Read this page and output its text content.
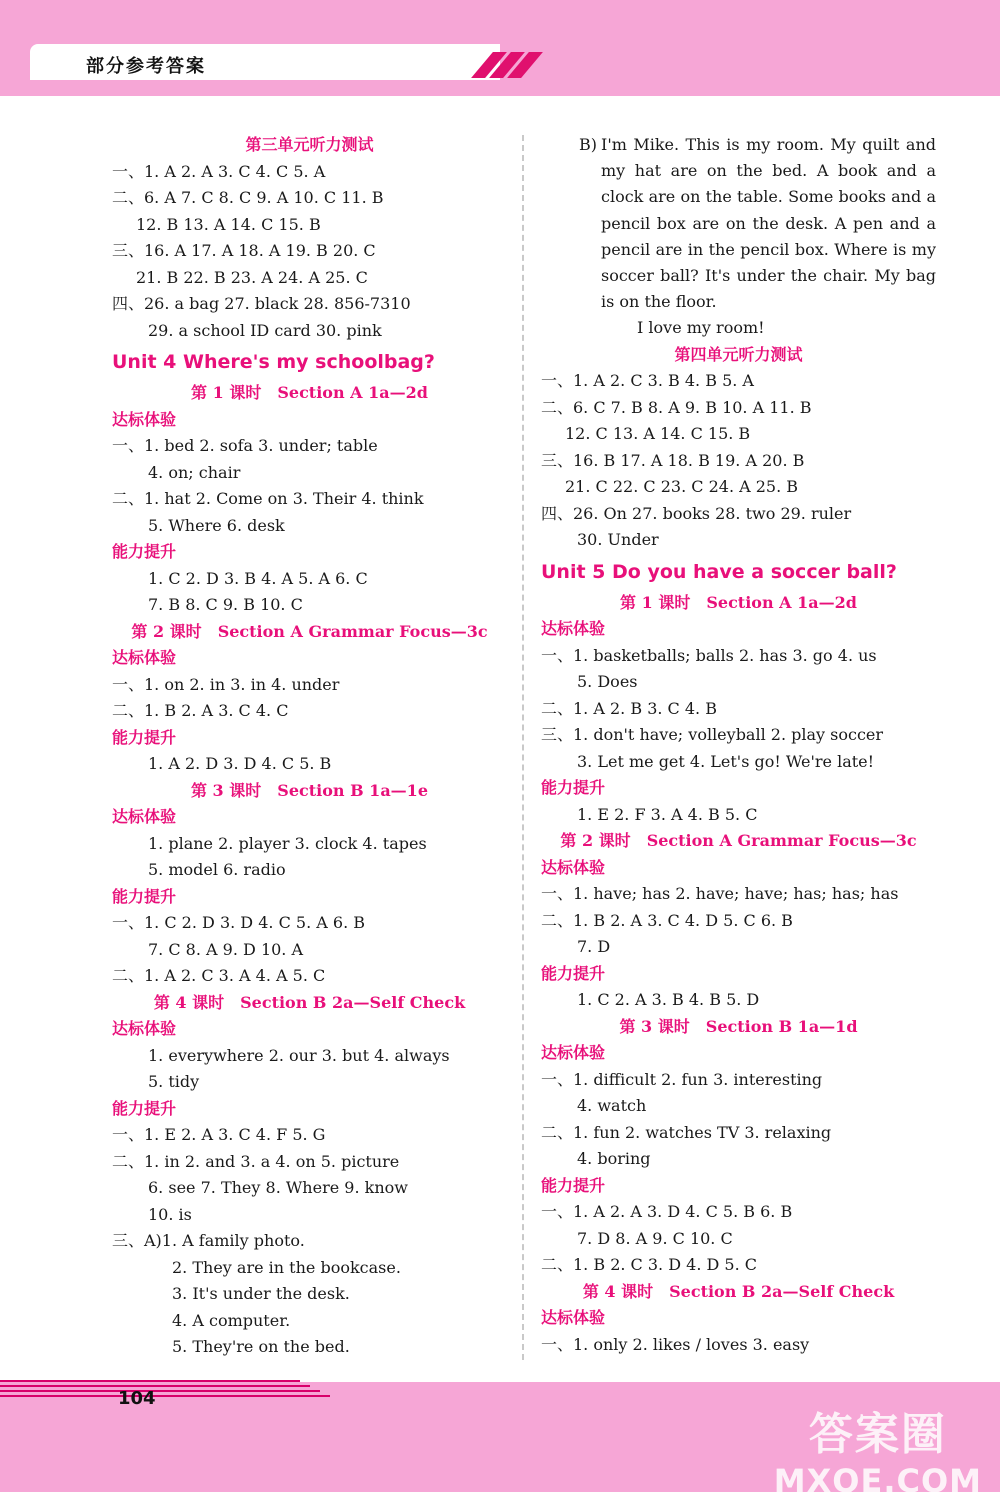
部分参考答案
第三单元听力测试
一、1. A 2. A 3. C 4. C 5. A
二、6. A 7. C 8. C 9. A 10. C 11. B
12. B 13. A 14. C 15. B
三、16. A 17. A 18. A 19. B 20. C
21. B 22. B 23. A 24. A 25. C
四、26. a bag 27. black 28. 856-7310
29. a school ID card 30. pink
Unit 4 Where's my schoolbag?
第 1 课时 Section A 1a—2d
达标体验
一、1. bed 2. sofa 3. under; table
4. on; chair
二、1. hat 2. Come on 3. Their 4. think
5. Where 6. desk
能力提升
1. C 2. D 3. B 4. A 5. A 6. C
7. B 8. C 9. B 10. C
第 2 课时 Section A Grammar Focus—3c
达标体验
一、1. on 2. in 3. in 4. under
二、1. B 2. A 3. C 4. C
能力提升
1. A 2. D 3. D 4. C 5. B
第 3 课时 Section B 1a—1e
达标体验
1. plane 2. player 3. clock 4. tapes
5. model 6. radio
能力提升
一、1. C 2. D 3. D 4. C 5. A 6. B
7. C 8. A 9. D 10. A
二、1. A 2. C 3. A 4. A 5. C
第 4 课时 Section B 2a—Self Check
达标体验
1. everywhere 2. our 3. but 4. always
5. tidy
能力提升
一、1. E 2. A 3. C 4. F 5. G
二、1. in 2. and 3. a 4. on 5. picture
6. see 7. They 8. Where 9. know
10. is
三、A)1. A family photo.
2. They are in the bookcase.
3. It's under the desk.
4. A computer.
5. They're on the bed.
B) I'm Mike. This is my room. My quilt and my hat are on the bed. A book and a clock are on the table. Some books and a pencil box are on the desk. A pen and a pencil are in the pencil box. Where is my soccer ball? It's under the chair. My bag is on the floor.
I love my room!
第四单元听力测试
一、1. A 2. C 3. B 4. B 5. A
二、6. C 7. B 8. A 9. B 10. A 11. B
12. C 13. A 14. C 15. B
三、16. B 17. A 18. B 19. A 20. B
21. C 22. C 23. C 24. A 25. B
四、26. On 27. books 28. two 29. ruler
30. Under
Unit 5 Do you have a soccer ball?
第 1 课时 Section A 1a—2d
达标体验
一、1. basketballs; balls 2. has 3. go 4. us
5. Does
二、1. A 2. B 3. C 4. B
三、1. don't have; volleyball 2. play soccer
3. Let me get 4. Let's go! We're late!
能力提升
1. E 2. F 3. A 4. B 5. C
第 2 课时 Section A Grammar Focus—3c
达标体验
一、1. have; has 2. have; have; has; has; has
二、1. B 2. A 3. C 4. D 5. C 6. B
7. D
能力提升
1. C 2. A 3. B 4. B 5. D
第 3 课时 Section B 1a—1d
达标体验
一、1. difficult 2. fun 3. interesting
4. watch
二、1. fun 2. watches TV 3. relaxing
4. boring
能力提升
一、1. A 2. A 3. D 4. C 5. B 6. B
7. D 8. A 9. C 10. C
二、1. B 2. C 3. D 4. D 5. C
第 4 课时 Section B 2a—Self Check
达标体验
一、1. only 2. likes / loves 3. easy
104
答案圈
MXQE.COM
